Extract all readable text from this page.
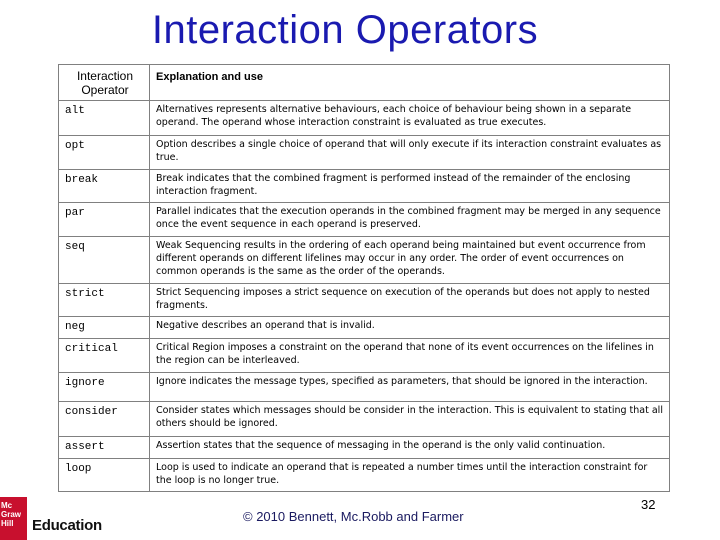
Interaction Operators
Interaction Operator	Explanation and use
alt	Alternatives represents alternative behaviours, each choice of behaviour being shown in a separate operand. The operand whose interaction constraint is evaluated as true executes.
opt	Option describes a single choice of operand that will only execute if its interaction constraint evaluates as true.
break	Break indicates that the combined fragment is performed instead of the remainder of the enclosing interaction fragment.
par	Parallel indicates that the execution operands in the combined fragment may be merged in any sequence once the event sequence in each operand is preserved.
seq	Weak Sequencing results in the ordering of each operand being maintained but event occurrence from different operands on different lifelines may occur in any order. The order of event occurrences on common operands is the same as the order of the operands.
strict	Strict Sequencing imposes a strict sequence on execution of the operands but does not apply to nested fragments.
neg	Negative describes an operand that is invalid.
critical	Critical Region imposes a constraint on the operand that none of its event occurrences on the lifelines in the region can be interleaved.
ignore	Ignore indicates the message types, specified as parameters, that should be ignored in the interaction.
consider	Consider states which messages should be consider in the interaction. This is equivalent to stating that all others should be ignored.
assert	Assertion states that the sequence of messaging in the operand is the only valid continuation.
loop	Loop is used to indicate an operand that is repeated a number times until the interaction constraint for the loop is no longer true.
Mc
Graw
Hill	Education
© 2010 Bennett, Mc.Robb and Farmer
32
